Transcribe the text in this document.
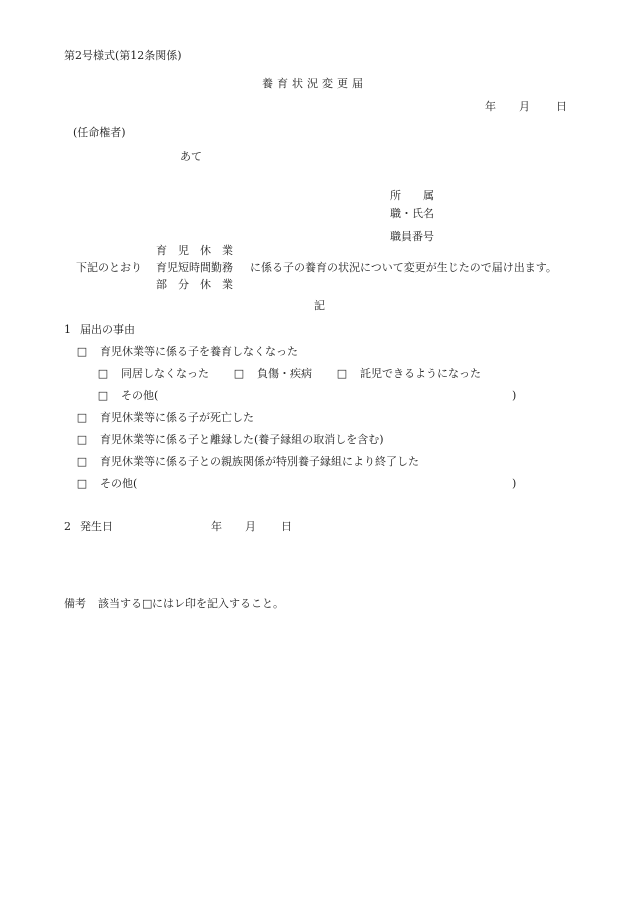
第2号様式(第12条関係)
養育状況変更届
年 月 日
(任命権者)
あて
所　　属
職・氏名
職員番号
下記のとおり
育　児　休　業
育児短時間勤務
部　分　休　業
に係る子の養育の状況について変更が生じたので届け出ます。
記
1 届出の事由
□ 育児休業等に係る子を養育しなくなった
□ 同居しなくなった □ 負傷・疾病 □ 託児できるようになった
□ その他(	)
□ 育児休業等に係る子が死亡した
□ 育児休業等に係る子と離縁した(養子縁組の取消しを含む)
□ 育児休業等に係る子との親族関係が特別養子縁組により終了した
□ その他(	)
2 発生日	年 月 日
備考 該当する□にはレ印を記入すること。
